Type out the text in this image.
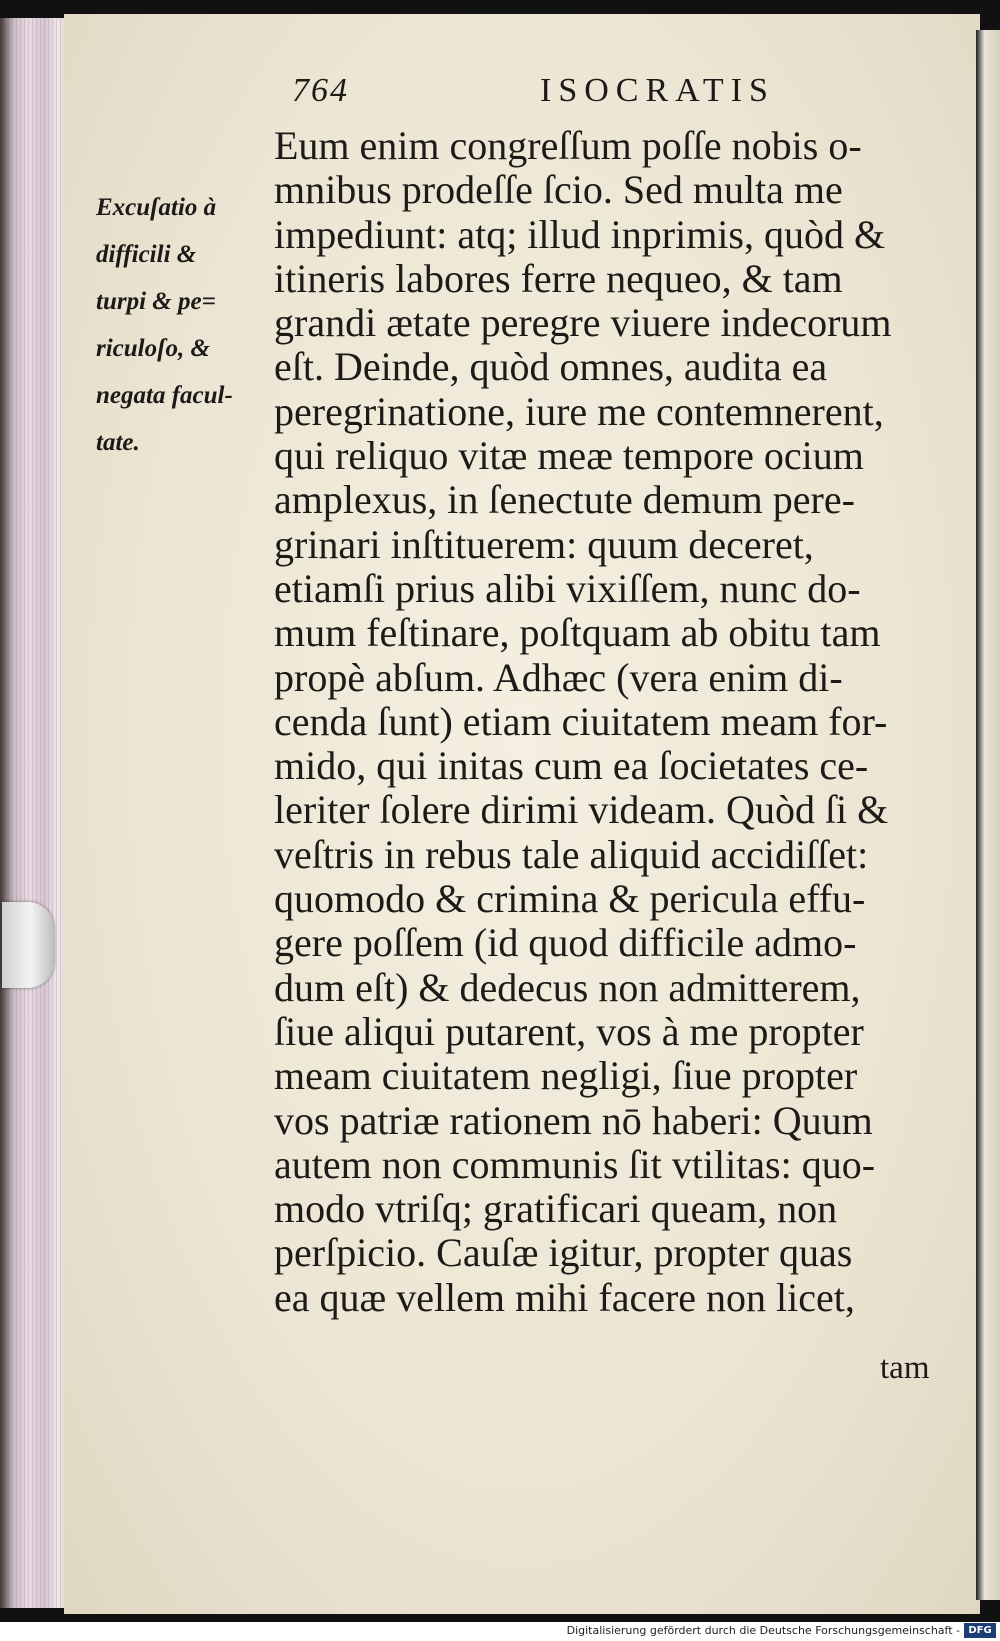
764	ISOCRATIS
Excuſatio à
difficili &
turpi & pe=
riculoſo, &
negata facul-
tate.
Eum enim congreſſum poſſe nobis o-
mnibus prodeſſe ſcio. Sed multa me
impediunt: atq; illud inprimis, quòd &
itineris labores ferre nequeo, & tam
grandi ætate peregre viuere indecorum
eſt. Deinde, quòd omnes, audita ea
peregrinatione, iure me contemnerent,
qui reliquo vitæ meæ tempore ocium
amplexus, in ſenectute demum pere-
grinari inſtituerem: quum deceret,
etiamſi prius alibi vixiſſem, nunc do-
mum feſtinare, poſtquam ab obitu tam
propè abſum. Adhæc (vera enim di-
cenda ſunt) etiam ciuitatem meam for-
mido, qui initas cum ea ſocietates ce-
leriter ſolere dirimi videam. Quòd ſi &
veſtris in rebus tale aliquid accidiſſet:
quomodo & crimina & pericula effu-
gere poſſem (id quod difficile admo-
dum eſt) & dedecus non admitterem,
ſiue aliqui putarent, vos à me propter
meam ciuitatem negligi, ſiue propter
vos patriæ rationem nō haberi: Quum
autem non communis ſit vtilitas: quo-
modo vtriſq; gratificari queam, non
perſpicio. Cauſæ igitur, propter quas
ea quæ vellem mihi facere non licet,
tam
Digitalisierung gefördert durch die Deutsche Forschungsgemeinschaft - DFG
